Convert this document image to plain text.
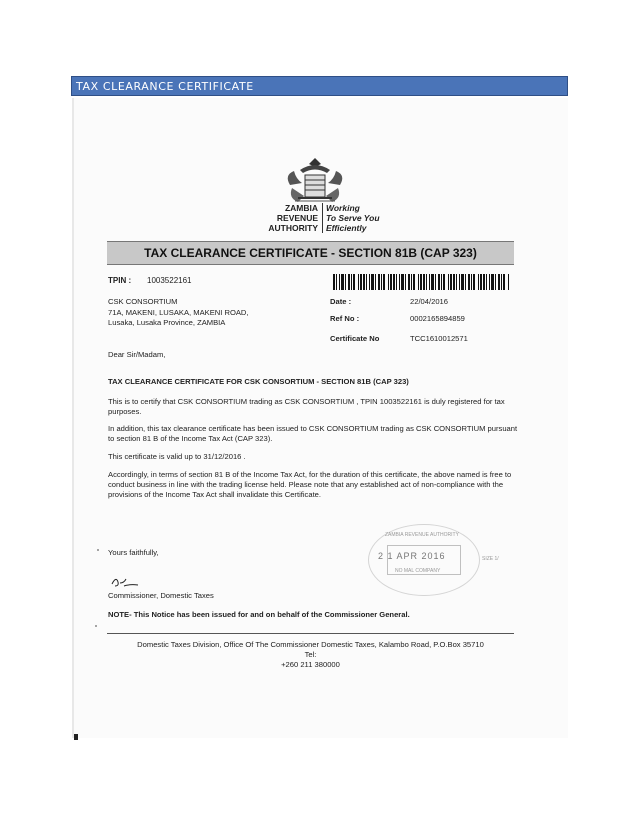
TAX CLEARANCE CERTIFICATE
ZAMBIA
REVENUE
AUTHORITY
Working
To Serve You
Efficiently
TAX CLEARANCE CERTIFICATE - SECTION 81B (CAP 323)
TPIN : 1003522161
CSK CONSORTIUM
71A, MAKENI, LUSAKA, MAKENI ROAD,
Lusaka, Lusaka Province, ZAMBIA
Date :	22/04/2016
Ref No :	0002165894859
Certificate No	TCC1610012571
Dear Sir/Madam,
TAX CLEARANCE CERTIFICATE FOR CSK CONSORTIUM - SECTION 81B (CAP 323)
This is to certify that CSK CONSORTIUM trading as CSK CONSORTIUM , TPIN 1003522161 is duly registered for tax purposes.
In addition, this tax clearance certificate has been issued to CSK CONSORTIUM trading as CSK CONSORTIUM pursuant to section 81 B of the Income Tax Act (CAP 323).
This certificate is valid up to 31/12/2016 .
Accordingly, in terms of section 81 B of the Income Tax Act, for the duration of this certificate, the above named is free to conduct business in line with the trading license held. Please note that any established act of non-compliance with the provisions of the Income Tax Act shall invalidate this Certificate.
Yours faithfully,
Commissioner, Domestic Taxes
NOTE- This Notice has been issued for and on behalf of the Commissioner General.
ZAMBIA REVENUE AUTHORITY
2 1 APR 2016
NO MAL COMPANY
SIZE 1/
Domestic Taxes Division, Office Of The Commissioner Domestic Taxes, Kalambo Road, P.O.Box 35710
Tel:
+260 211 380000
